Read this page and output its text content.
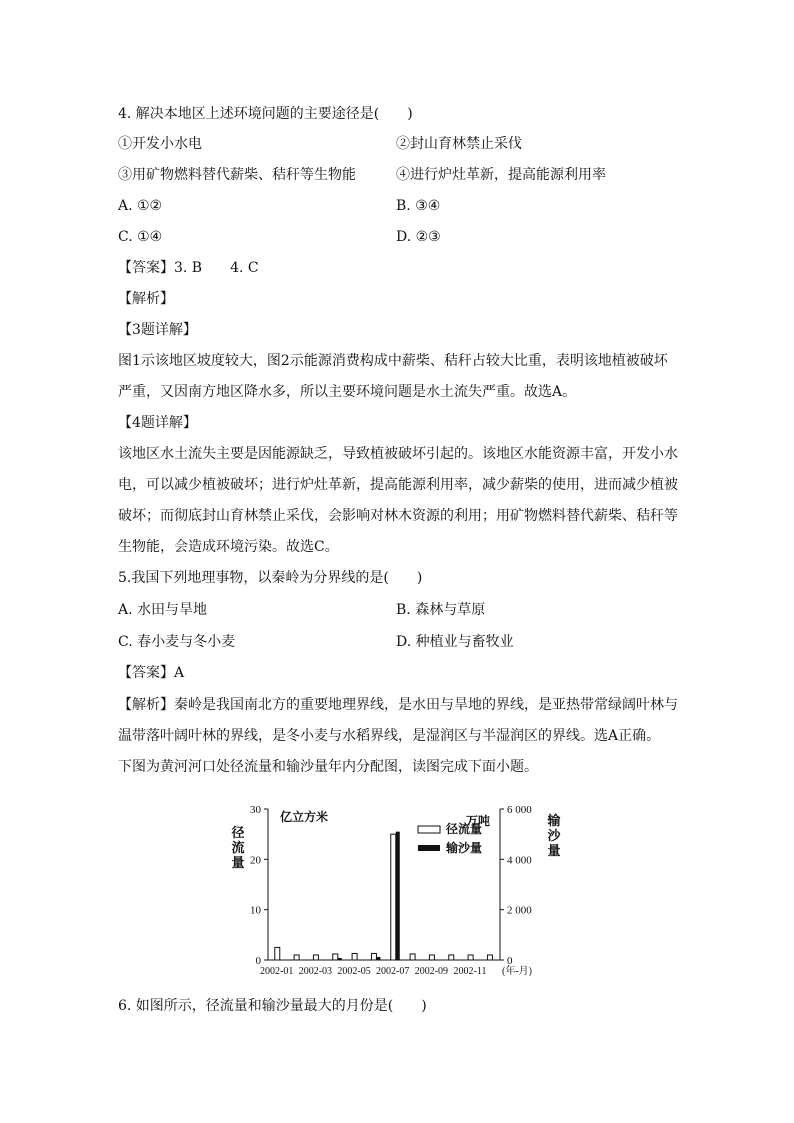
4. 解决本地区上述环境问题的主要途径是(　　)
①开发小水电	②封山育林禁止采伐
③用矿物燃料替代薪柴、秸秆等生物能	④进行炉灶革新，提高能源利用率
A. ①②	B. ③④
C. ①④	D. ②③
【答案】3. B　　4. C
【解析】
【3题详解】
图1示该地区坡度较大，图2示能源消费构成中薪柴、秸秆占较大比重，表明该地植被破坏
严重，又因南方地区降水多，所以主要环境问题是水土流失严重。故选A。
【4题详解】
该地区水土流失主要是因能源缺乏，导致植被破坏引起的。该地区水能资源丰富，开发小水
电，可以减少植被破坏；进行炉灶革新，提高能源利用率，减少薪柴的使用，进而减少植被
破坏；而彻底封山育林禁止采伐，会影响对林木资源的利用；用矿物燃料替代薪柴、秸秆等
生物能，会造成环境污染。故选C。
5.我国下列地理事物，以秦岭为分界线的是(　　)
A. 水田与旱地	B. 森林与草原
C. 春小麦与冬小麦	D. 种植业与畜牧业
【答案】A
【解析】秦岭是我国南北方的重要地理界线，是水田与旱地的界线，是亚热带常绿阔叶林与
温带落叶阔叶林的界线，是冬小麦与水稻界线，是湿润区与半湿润区的界线。选A正确。
下图为黄河河口处径流量和输沙量年内分配图，读图完成下面小题。
0
10
20
30
0
2 000
4 000
6 000
2002-01 2002-03 2002-05 2002-07 2002-09 2002-11 (年-月)
亿立方米	万吨
径
流
量
输
沙
量
径流量
输沙量
6. 如图所示，径流量和输沙量最大的月份是(　　)
